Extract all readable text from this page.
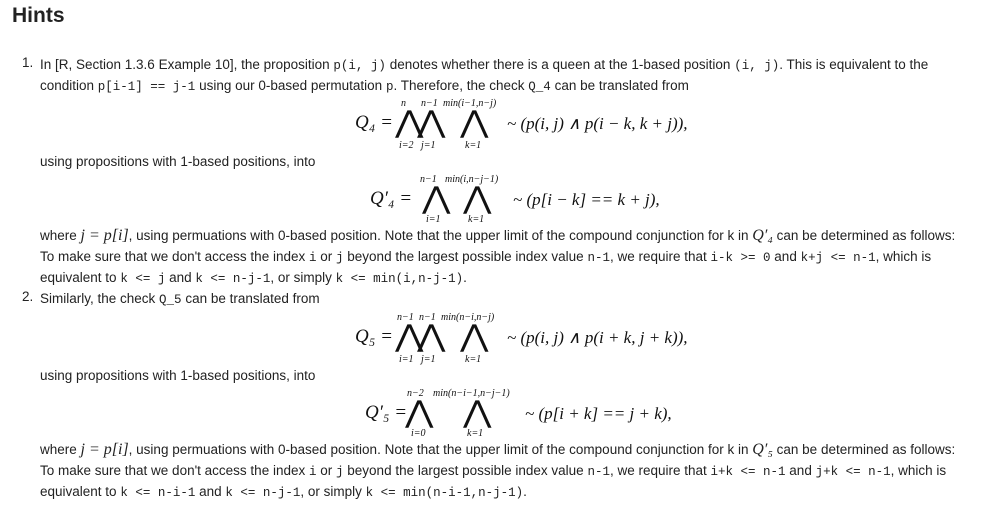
Hints
1. In [R, Section 1.3.6 Example 10], the proposition p(i, j) denotes whether there is a queen at the 1-based position (i, j). This is equivalent to the
condition p[i-1] == j-1 using our 0-based permutation p. Therefore, the check Q_4 can be translated from
Q₄ =
n n−1 min(i−1,n−j)
⋀
⋀ ⋀
i=2 j=1	k=1
~ (p(i, j) ∧ p(i − k, k + j)),
using propositions with 1-based positions, into
Q′₄ =
n−1 min(i,n−j−1)
⋀ ⋀
i=1	k=1
~ (p[i − k] == k + j),
where j = p[i], using permuations with 0-based position. Note that the upper limit of the compound conjunction for k in Q′₄ can be determined as follows:
To make sure that we don't access the index i or j beyond the largest possible index value n-1, we require that i-k >= 0 and k+j <= n-1, which is
equivalent to k <= j and k <= n-j-1, or simply k <= min(i,n-j-1).
2. Similarly, the check Q_5 can be translated from
Q₅ =
n−1 n−1 min(n−i,n−j)
⋀
⋀ ⋀
i=1 j=1	k=1
~ (p(i, j) ∧ p(i + k, j + k)),
using propositions with 1-based positions, into
Q′₅ =
n−2 min(n−i−1,n−j−1)
⋀ ⋀
i=0	k=1
~ (p[i + k] == j + k),
where j = p[i], using permuations with 0-based position. Note that the upper limit of the compound conjunction for k in Q′₅ can be determined as follows:
To make sure that we don't access the index i or j beyond the largest possible index value n-1, we require that i+k <= n-1 and j+k <= n-1, which is
equivalent to k <= n-i-1 and k <= n-j-1, or simply k <= min(n-i-1,n-j-1).
